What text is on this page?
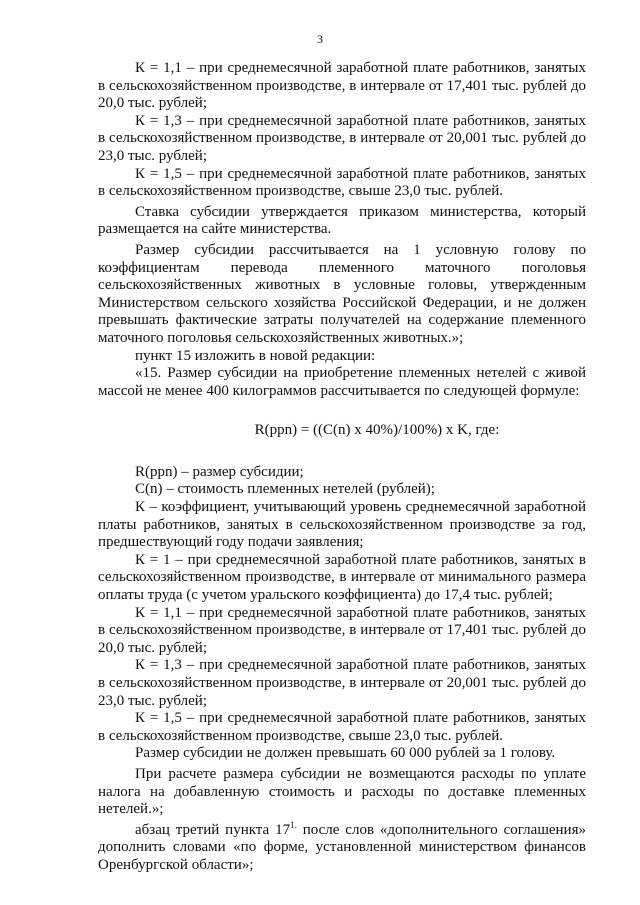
3

К = 1,1 – при среднемесячной заработной плате работников, занятых в сельскохозяйственном производстве, в интервале от 17,401 тыс. рублей до 20,0 тыс. рублей;

К = 1,3 – при среднемесячной заработной плате работников, занятых в сельскохозяйственном производстве, в интервале от 20,001 тыс. рублей до 23,0 тыс. рублей;

К = 1,5 – при среднемесячной заработной плате работников, занятых в сельскохозяйственном производстве, свыше 23,0 тыс. рублей.

Ставка субсидии утверждается приказом министерства, который размещается на сайте министерства.

Размер субсидии рассчитывается на 1 условную голову по коэффициентам перевода племенного маточного поголовья сельскохозяйственных животных в условные головы, утвержденным Министерством сельского хозяйства Российской Федерации, и не должен превышать фактические затраты получателей на содержание племенного маточного поголовья сельскохозяйственных животных.»;

пункт 15 изложить в новой редакции:

«15. Размер субсидии на приобретение племенных нетелей с живой массой не менее 400 килограммов рассчитывается по следующей формуле:

R(ppn) = ((C(n) x 40%)/100%) x K, где:

R(ppn) – размер субсидии;

C(n) – стоимость племенных нетелей (рублей);

К – коэффициент, учитывающий уровень среднемесячной заработной платы работников, занятых в сельскохозяйственном производстве за год, предшествующий году подачи заявления;

К = 1 – при среднемесячной заработной плате работников, занятых в сельскохозяйственном производстве, в интервале от минимального размера оплаты труда (с учетом уральского коэффициента) до 17,4 тыс. рублей;

К = 1,1 – при среднемесячной заработной плате работников, занятых в сельскохозяйственном производстве, в интервале от 17,401 тыс. рублей до 20,0 тыс. рублей;

К = 1,3 – при среднемесячной заработной плате работников, занятых в сельскохозяйственном производстве, в интервале от 20,001 тыс. рублей до 23,0 тыс. рублей;

К = 1,5 – при среднемесячной заработной плате работников, занятых в сельскохозяйственном производстве, свыше 23,0 тыс. рублей.

Размер субсидии не должен превышать 60 000 рублей за 1 голову.

При расчете размера субсидии не возмещаются расходы по уплате налога на добавленную стоимость и расходы по доставке племенных нетелей.»;

абзац третий пункта $17^{1.}$ после слов «дополнительного соглашения» дополнить словами «по форме, установленной министерством финансов Оренбургской области»;
